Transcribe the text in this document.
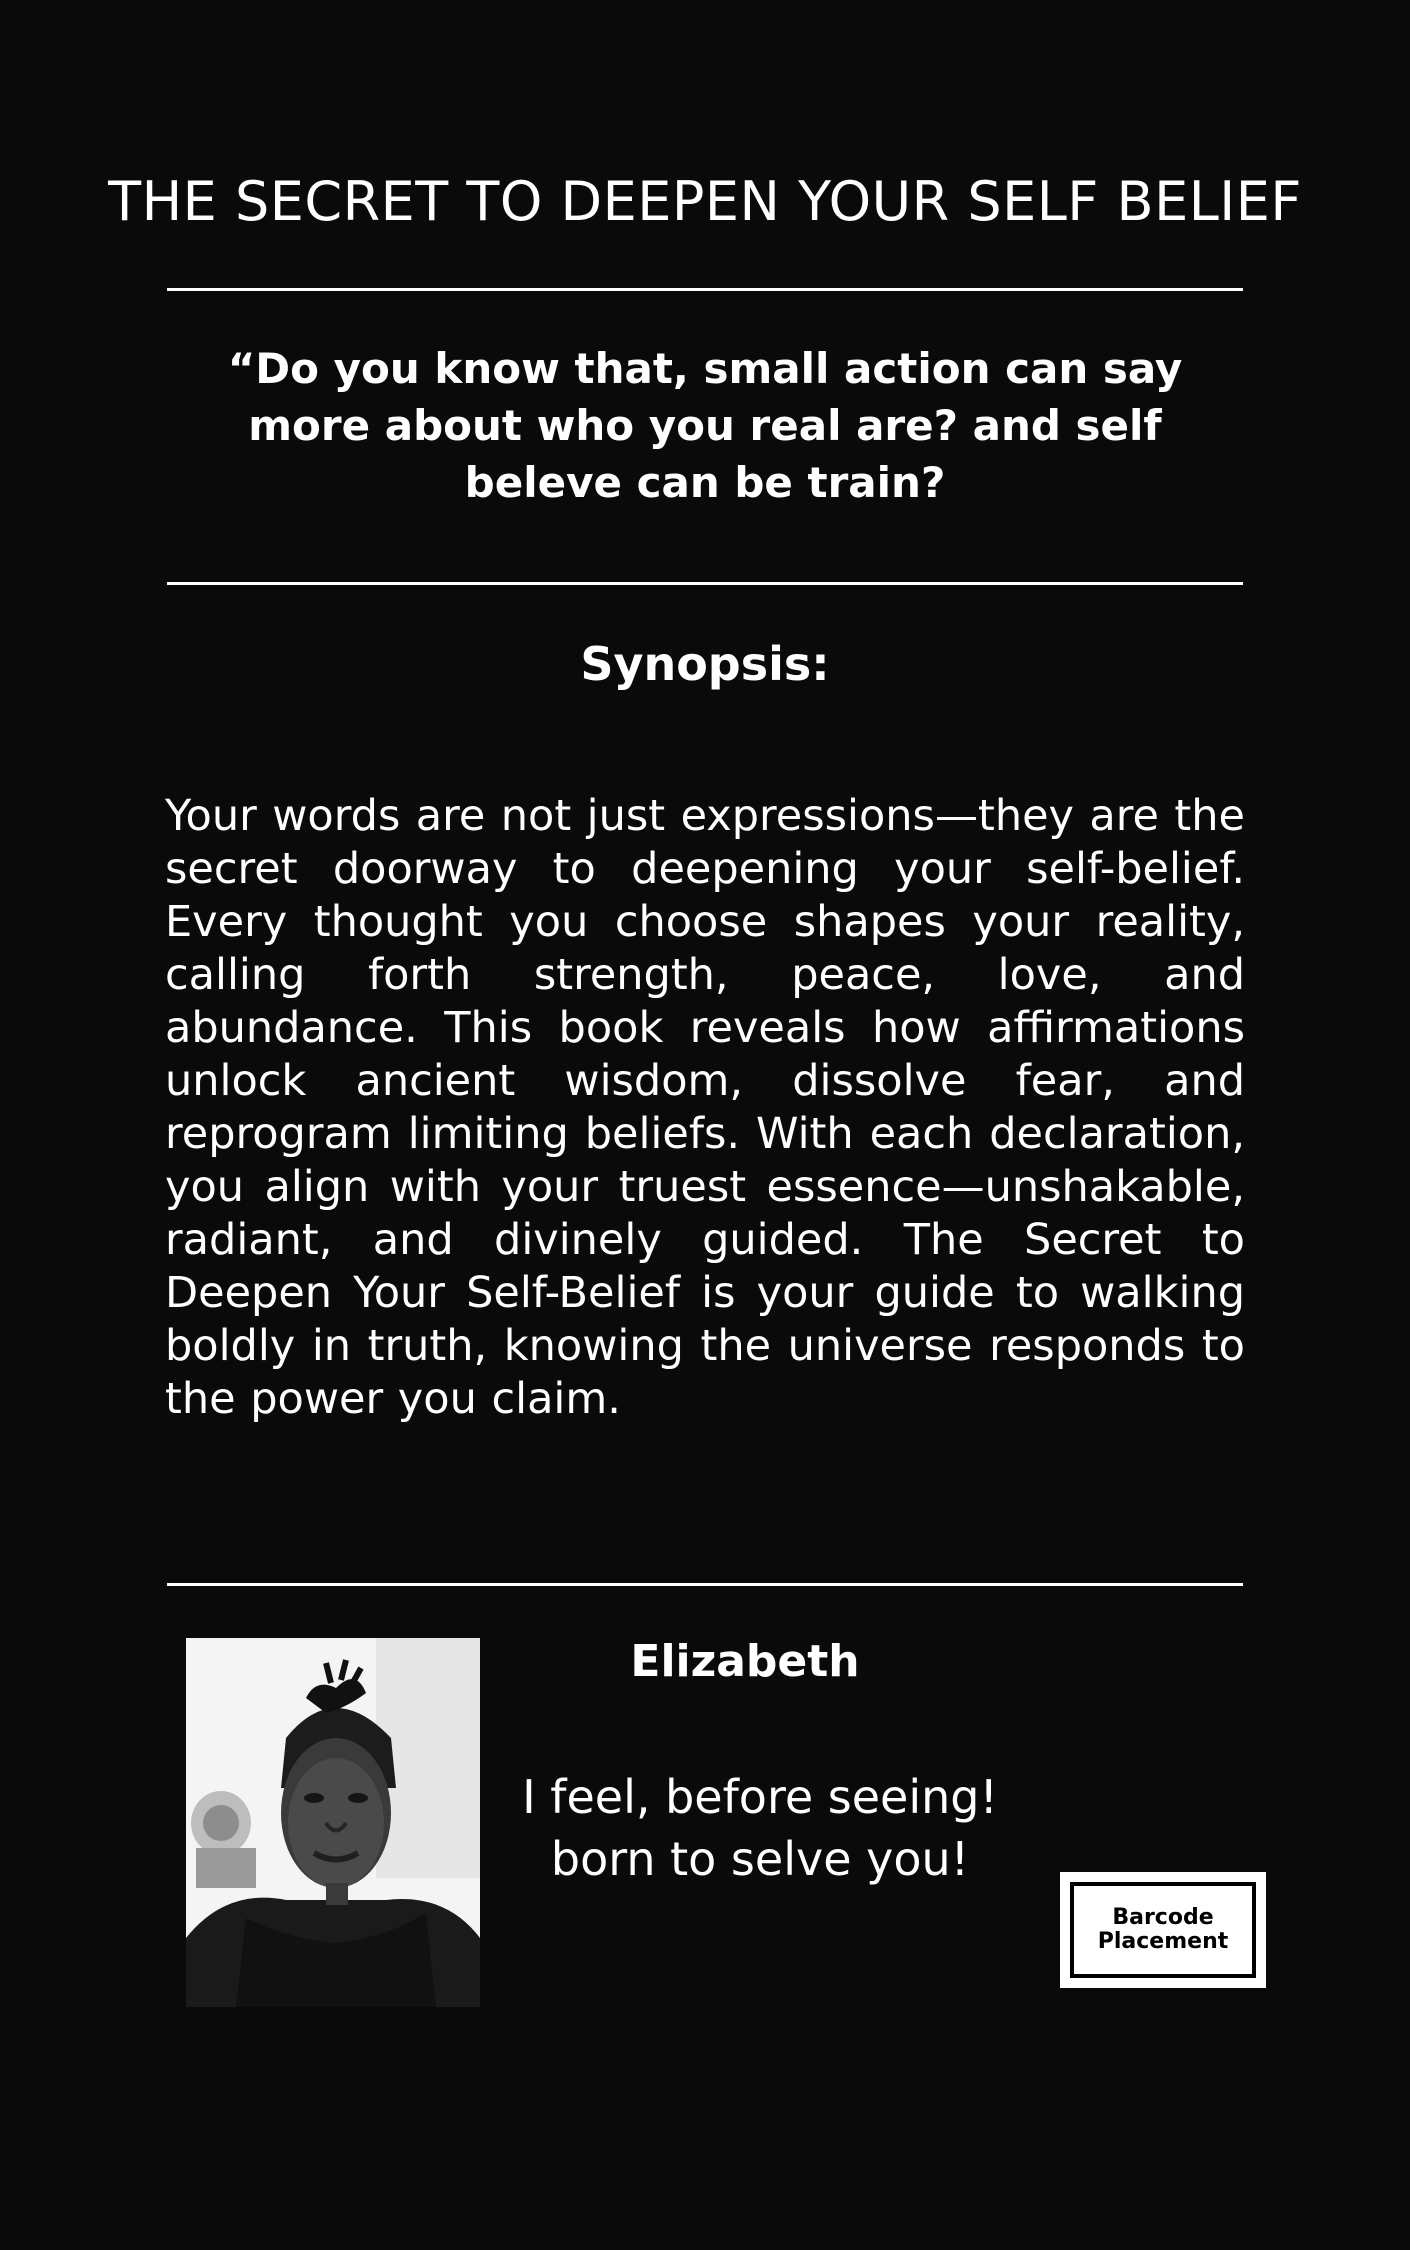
THE SECRET TO DEEPEN YOUR SELF BELIEF

“Do you know that, small action can say more about who you real are? and self beleve can be train?

Synopsis:

Your words are not just expressions—they are the secret doorway to deepening your self-belief. Every thought you choose shapes your reality, calling forth strength, peace, love, and abundance. This book reveals how affirmations unlock ancient wisdom, dissolve fear, and reprogram limiting beliefs. With each declaration, you align with your truest essence—unshakable, radiant, and divinely guided. The Secret to Deepen Your Self-Belief is your guide to walking boldly in truth, knowing the universe responds to the power you claim.

Elizabeth

I feel, before seeing!
born to selve you!

Barcode
Placement
